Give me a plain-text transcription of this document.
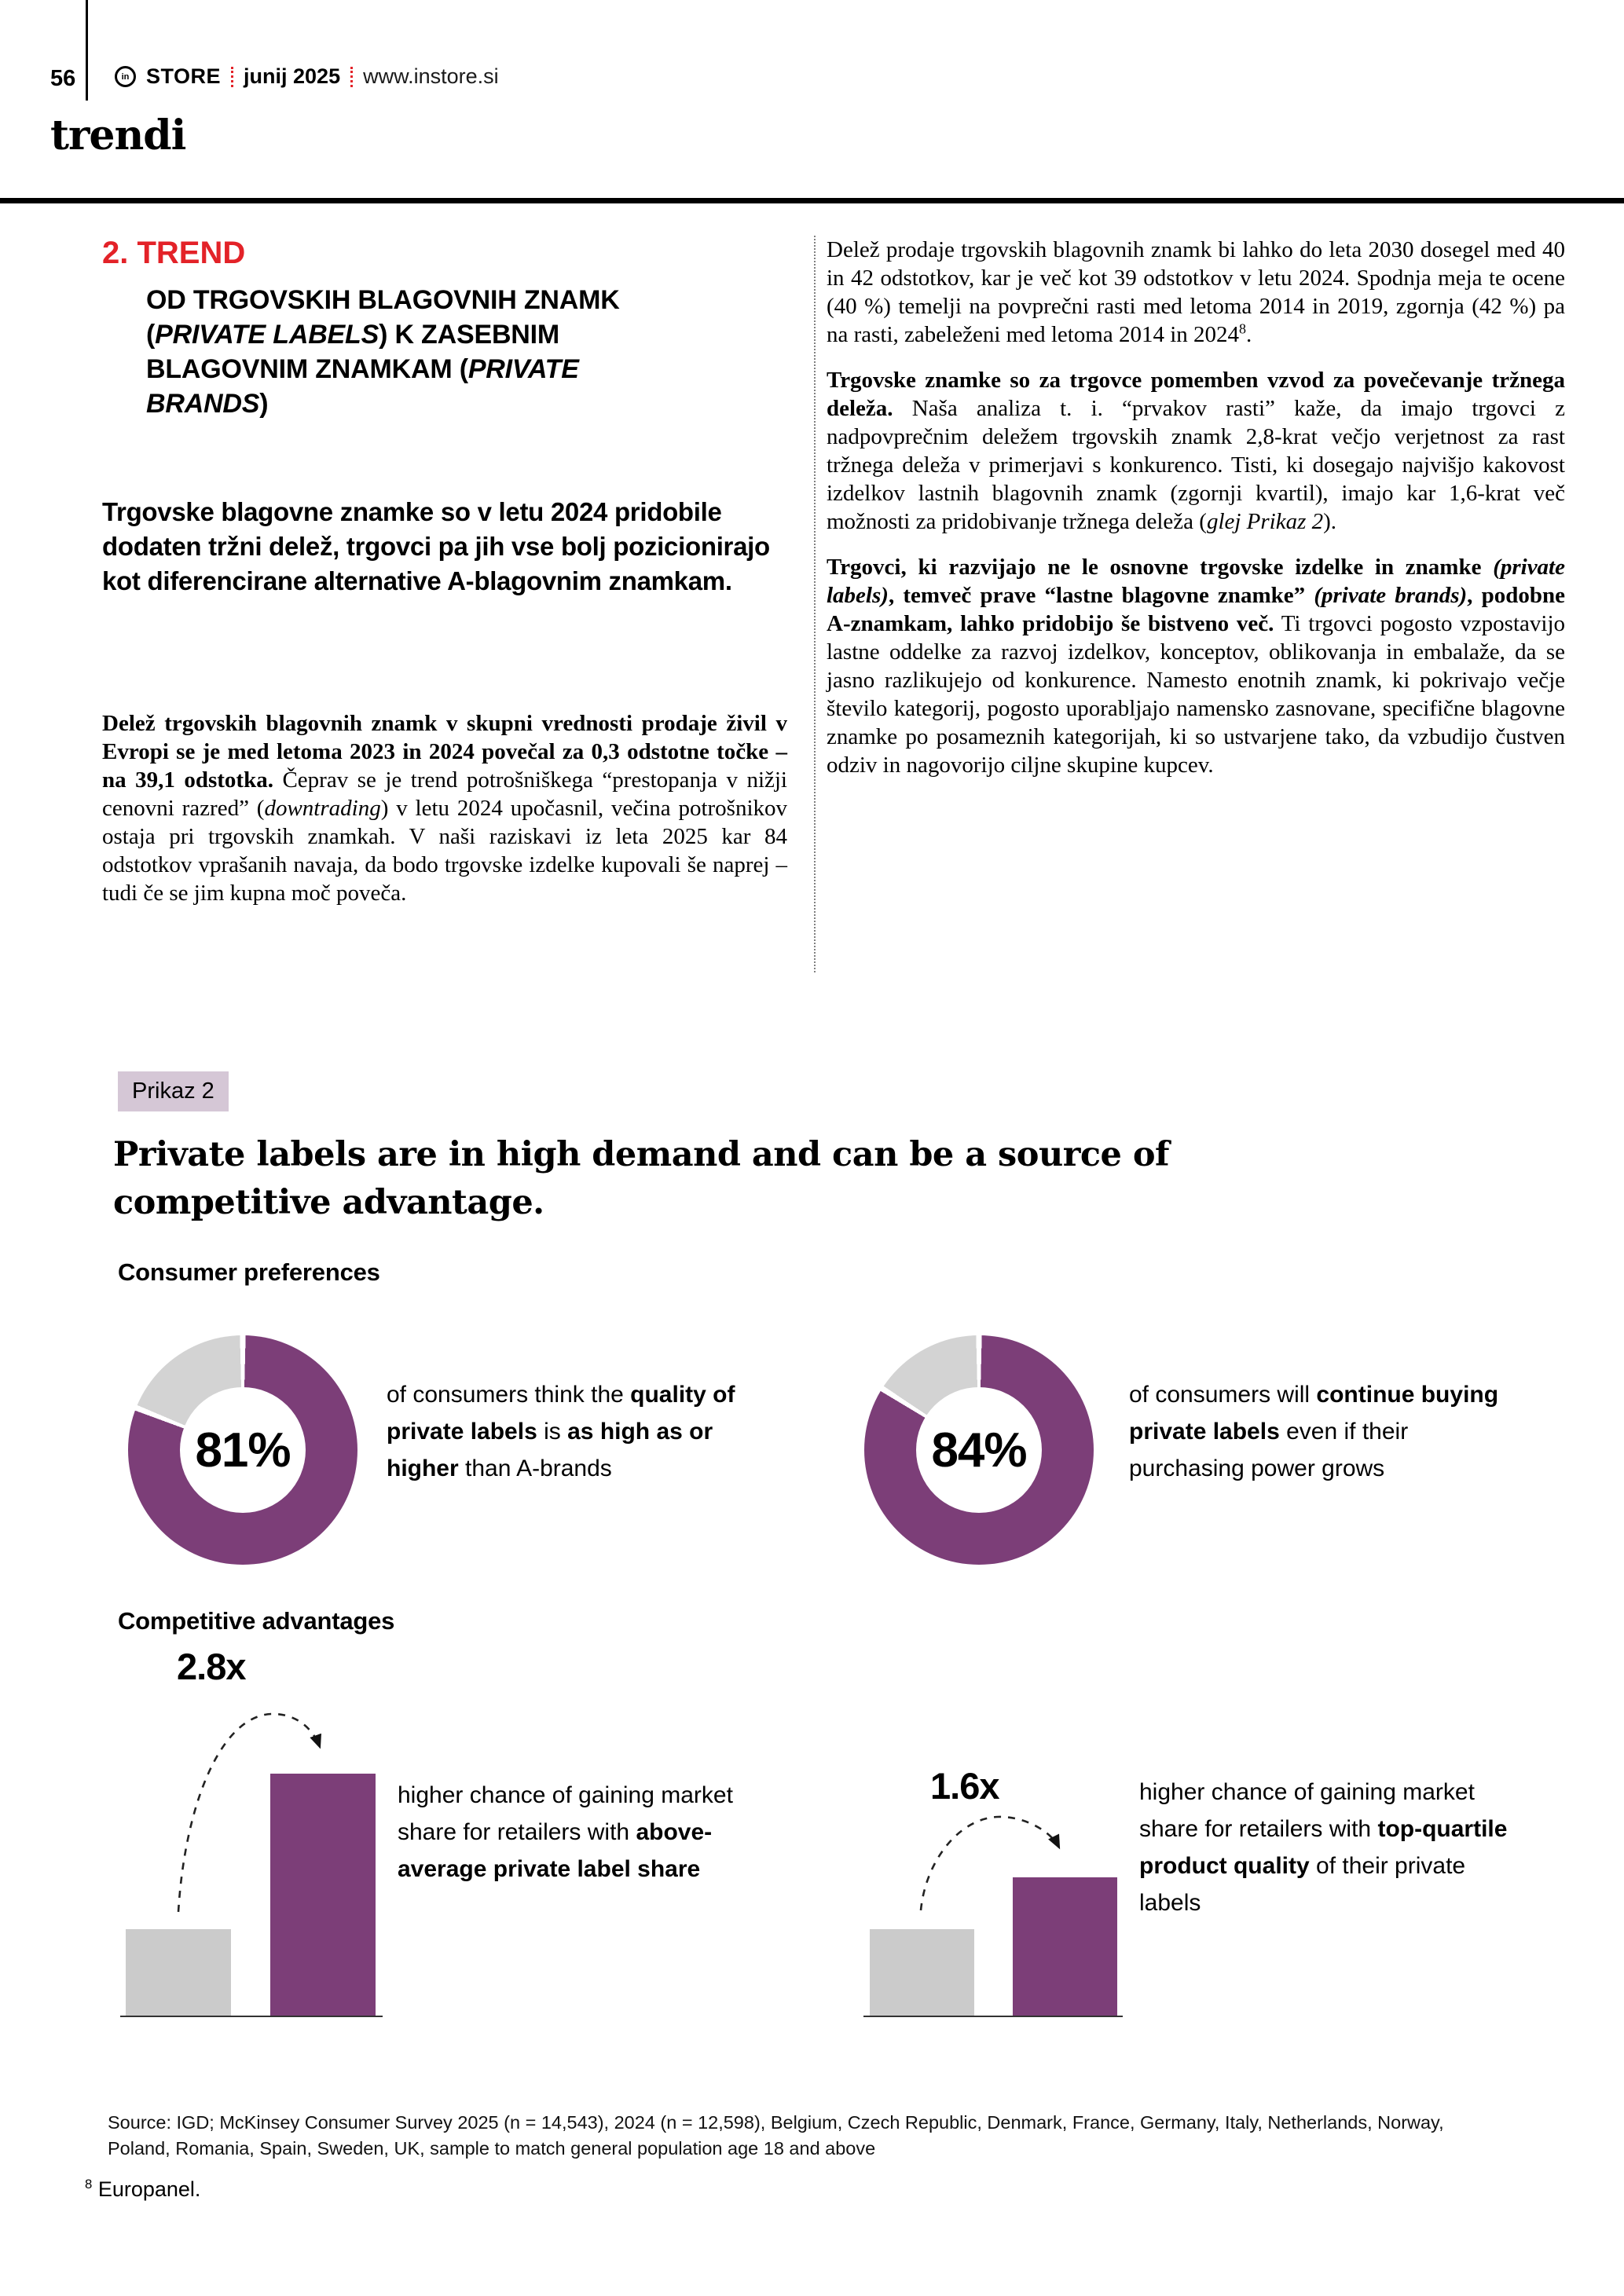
56	in STORE junij 2025 www.instore.si
trendi
2. TREND
OD TRGOVSKIH BLAGOVNIH ZNAMK (PRIVATE LABELS) K ZASEBNIM BLAGOVNIM ZNAMKAM (PRIVATE BRANDS)
Trgovske blagovne znamke so v letu 2024 pridobile dodaten tržni delež, trgovci pa jih vse bolj pozicionirajo kot diferencirane alternative A-blagovnim znamkam.

Delež trgovskih blagovnih znamk v skupni vrednosti prodaje živil v Evropi se je med letoma 2023 in 2024 povečal za 0,3 odstotne točke – na 39,1 odstotka. Čeprav se je trend potrošniškega “prestopanja v nižji cenovni razred” (downtrading) v letu 2024 upočasnil, večina potrošnikov ostaja pri trgovskih znamkah. V naši raziskavi iz leta 2025 kar 84 odstotkov vprašanih navaja, da bodo trgovske izdelke kupovali še naprej – tudi če se jim kupna moč poveča.

Delež prodaje trgovskih blagovnih znamk bi lahko do leta 2030 dosegel med 40 in 42 odstotkov, kar je več kot 39 odstotkov v letu 2024. Spodnja meja te ocene (40 %) temelji na povprečni rasti med letoma 2014 in 2019, zgornja (42 %) pa na rasti, zabeleženi med letoma 2014 in 2024$^8$.

Trgovske znamke so za trgovce pomemben vzvod za povečevanje tržnega deleža. Naša analiza t. i. “prvakov rasti” kaže, da imajo trgovci z nadpovprečnim deležem trgovskih znamk 2,8-krat večjo verjetnost za rast tržnega deleža v primerjavi s konkurenco. Tisti, ki dosegajo najvišjo kakovost izdelkov lastnih blagovnih znamk (zgornji kvartil), imajo kar 1,6-krat več možnosti za pridobivanje tržnega deleža (glej Prikaz 2).

Trgovci, ki razvijajo ne le osnovne trgovske izdelke in znamke (private labels), temveč prave “lastne blagovne znamke” (private brands), podobne A-znamkam, lahko pridobijo še bistveno več. Ti trgovci pogosto vzpostavijo lastne oddelke za razvoj izdelkov, konceptov, oblikovanja in embalaže, da se jasno razlikujejo od konkurence. Namesto enotnih znamk, ki pokrivajo večje število kategorij, pogosto uporabljajo namensko zasnovane, specifične blagovne znamke po posameznih kategorijah, ki so ustvarjene tako, da vzbudijo čustven odziv in nagovorijo ciljne skupine kupcev.

Prikaz 2
Private labels are in high demand and can be a source of competitive advantage.
Consumer preferences
81%
of consumers think the quality of private labels is as high as or higher than A-brands	84%
of consumers will continue buying private labels even if their purchasing power grows
Competitive advantages
2.8x
higher chance of gaining market share for retailers with above-average private label share
1.6x	higher chance of gaining market share for retailers with top-quartile product quality of their private labels
Source: IGD; McKinsey Consumer Survey 2025 (n = 14,543), 2024 (n = 12,598), Belgium, Czech Republic, Denmark, France, Germany, Italy, Netherlands, Norway, Poland, Romania, Spain, Sweden, UK, sample to match general population age 18 and above
$^8$ Europanel.
